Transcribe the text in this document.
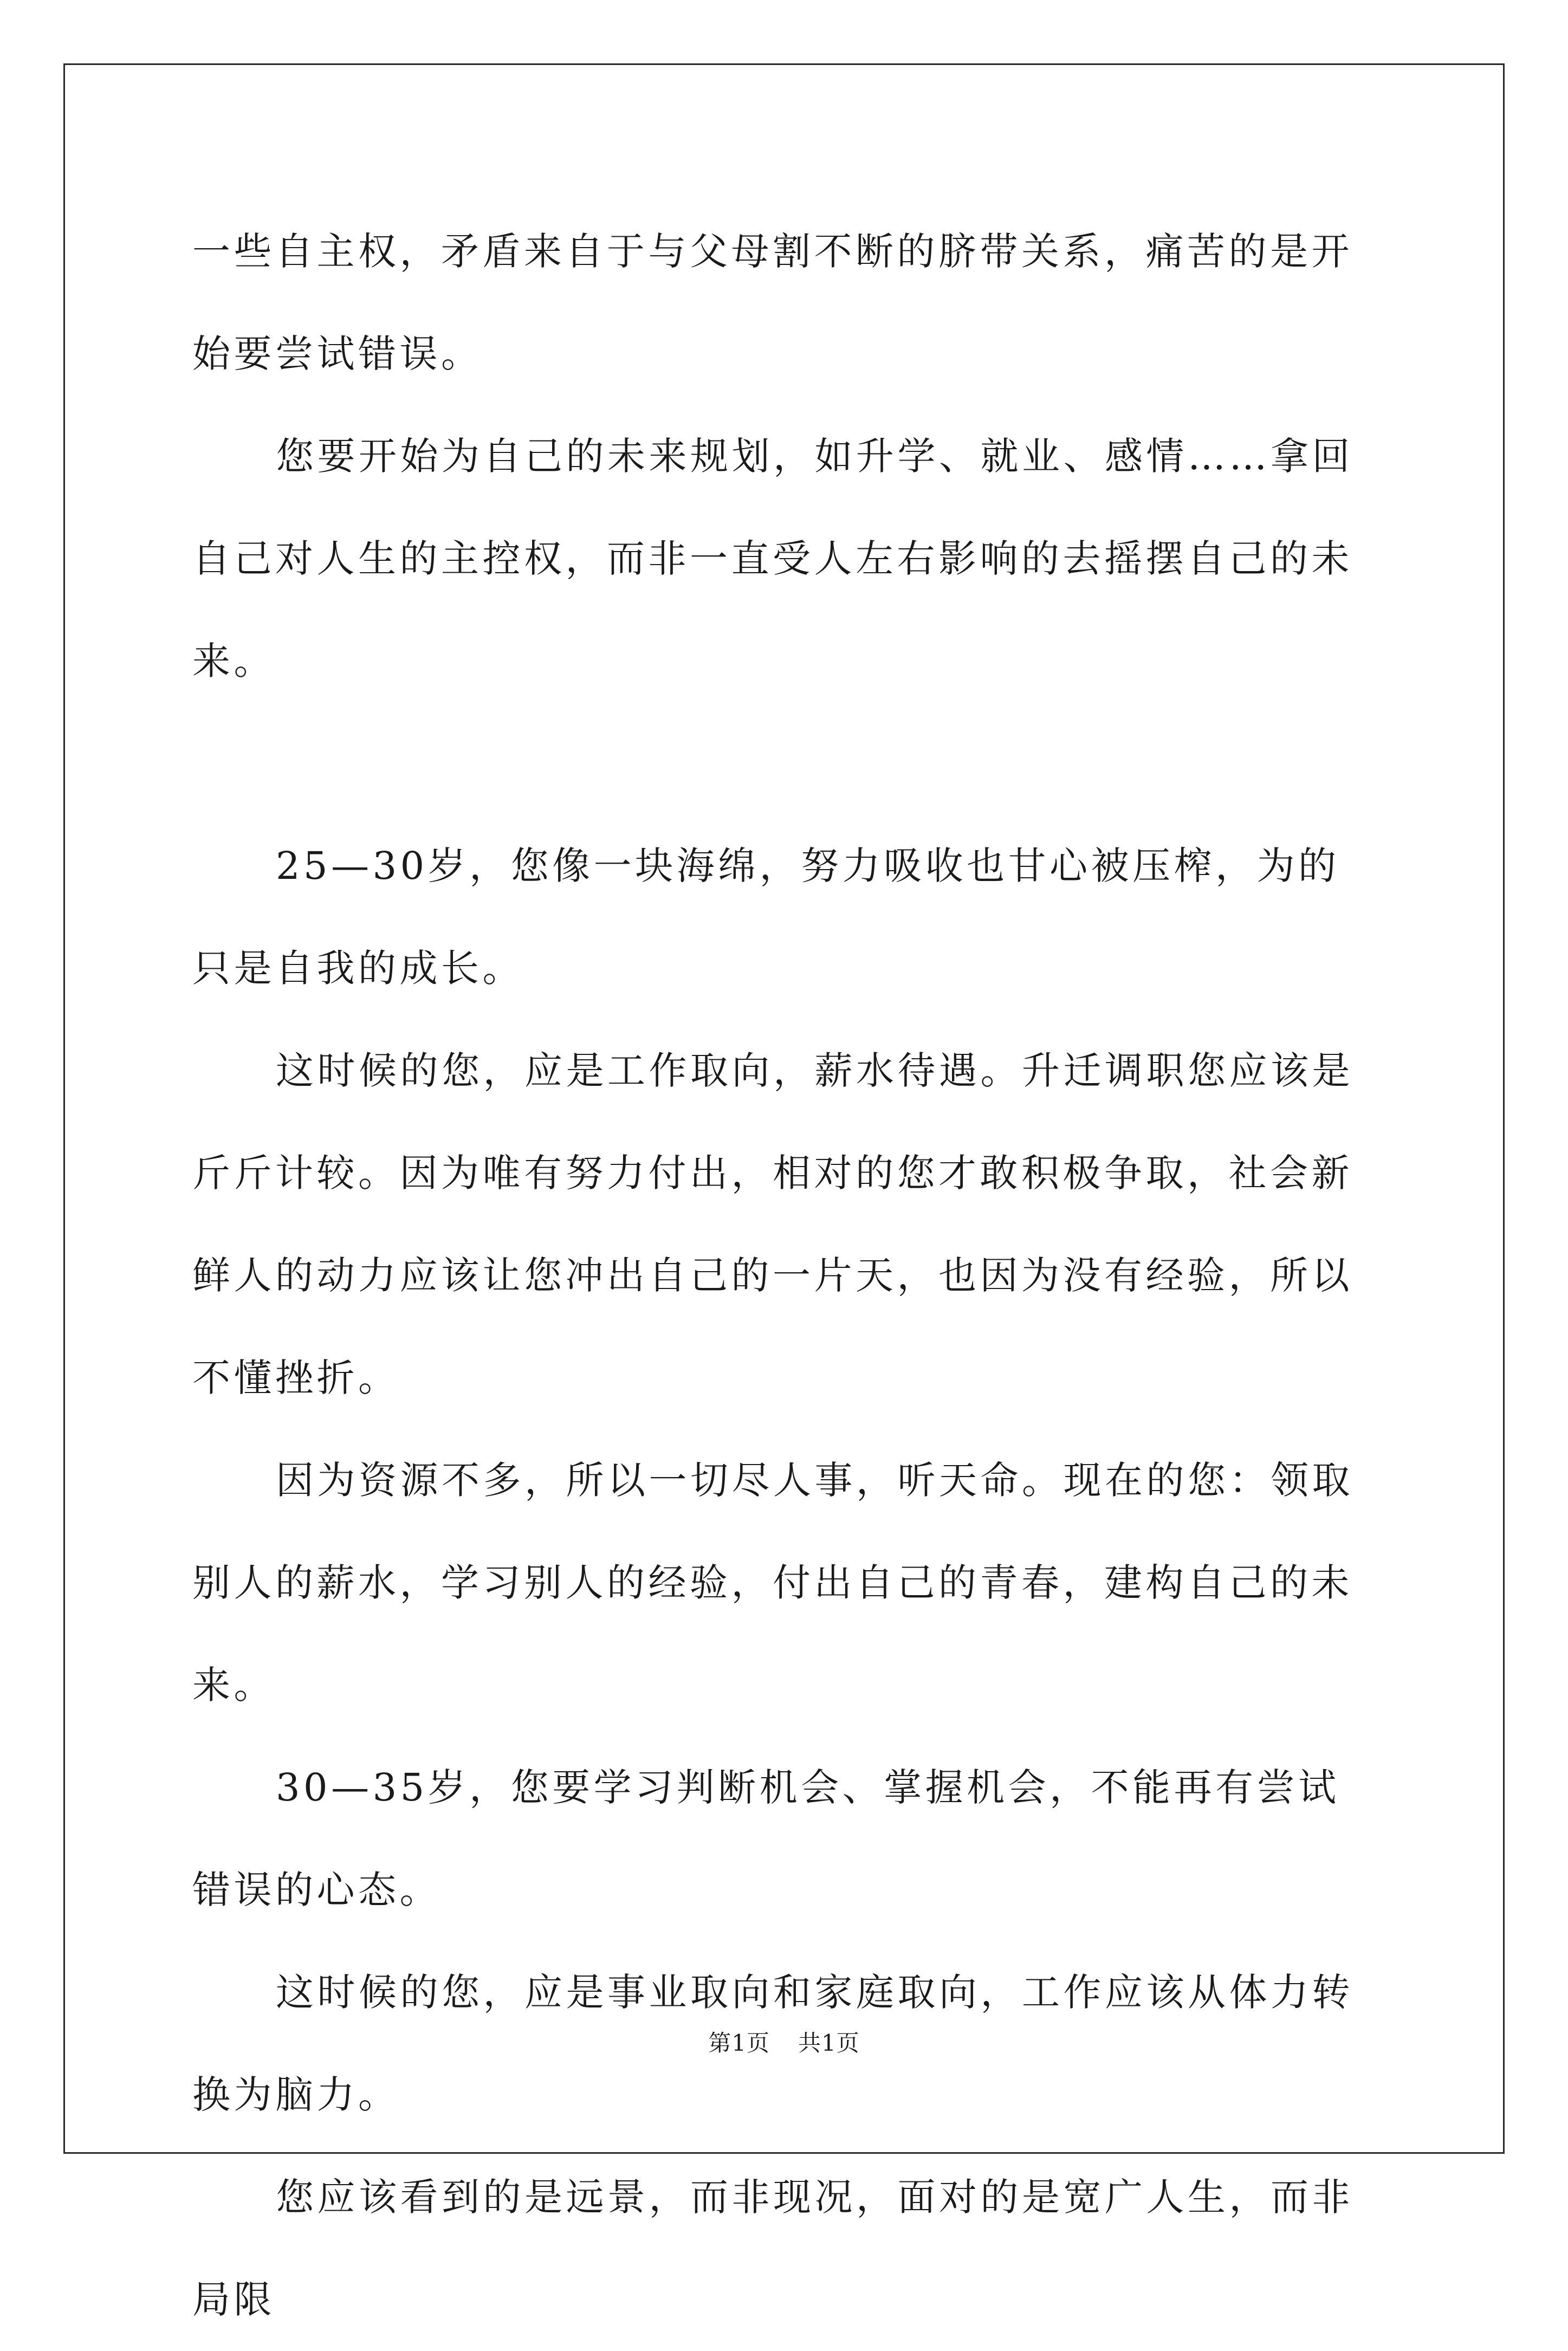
一些自主权，矛盾来自于与父母割不断的脐带关系，痛苦的是开始要尝试错误。

您要开始为自己的未来规划，如升学、就业、感情……拿回自己对人生的主控权，而非一直受人左右影响的去摇摆自己的未来。

25—30岁，您像一块海绵，努力吸收也甘心被压榨，为的只是自我的成长。

这时候的您，应是工作取向，薪水待遇。升迁调职您应该是斤斤计较。因为唯有努力付出，相对的您才敢积极争取，社会新鲜人的动力应该让您冲出自己的一片天，也因为没有经验，所以不懂挫折。

因为资源不多，所以一切尽人事，听天命。现在的您：领取别人的薪水，学习别人的经验，付出自己的青春，建构自己的未来。

30—35岁，您要学习判断机会、掌握机会，不能再有尝试错误的心态。

这时候的您，应是事业取向和家庭取向，工作应该从体力转换为脑力。

您应该看到的是远景，而非现况，面对的是宽广人生，而非局限

第1页 共1页
